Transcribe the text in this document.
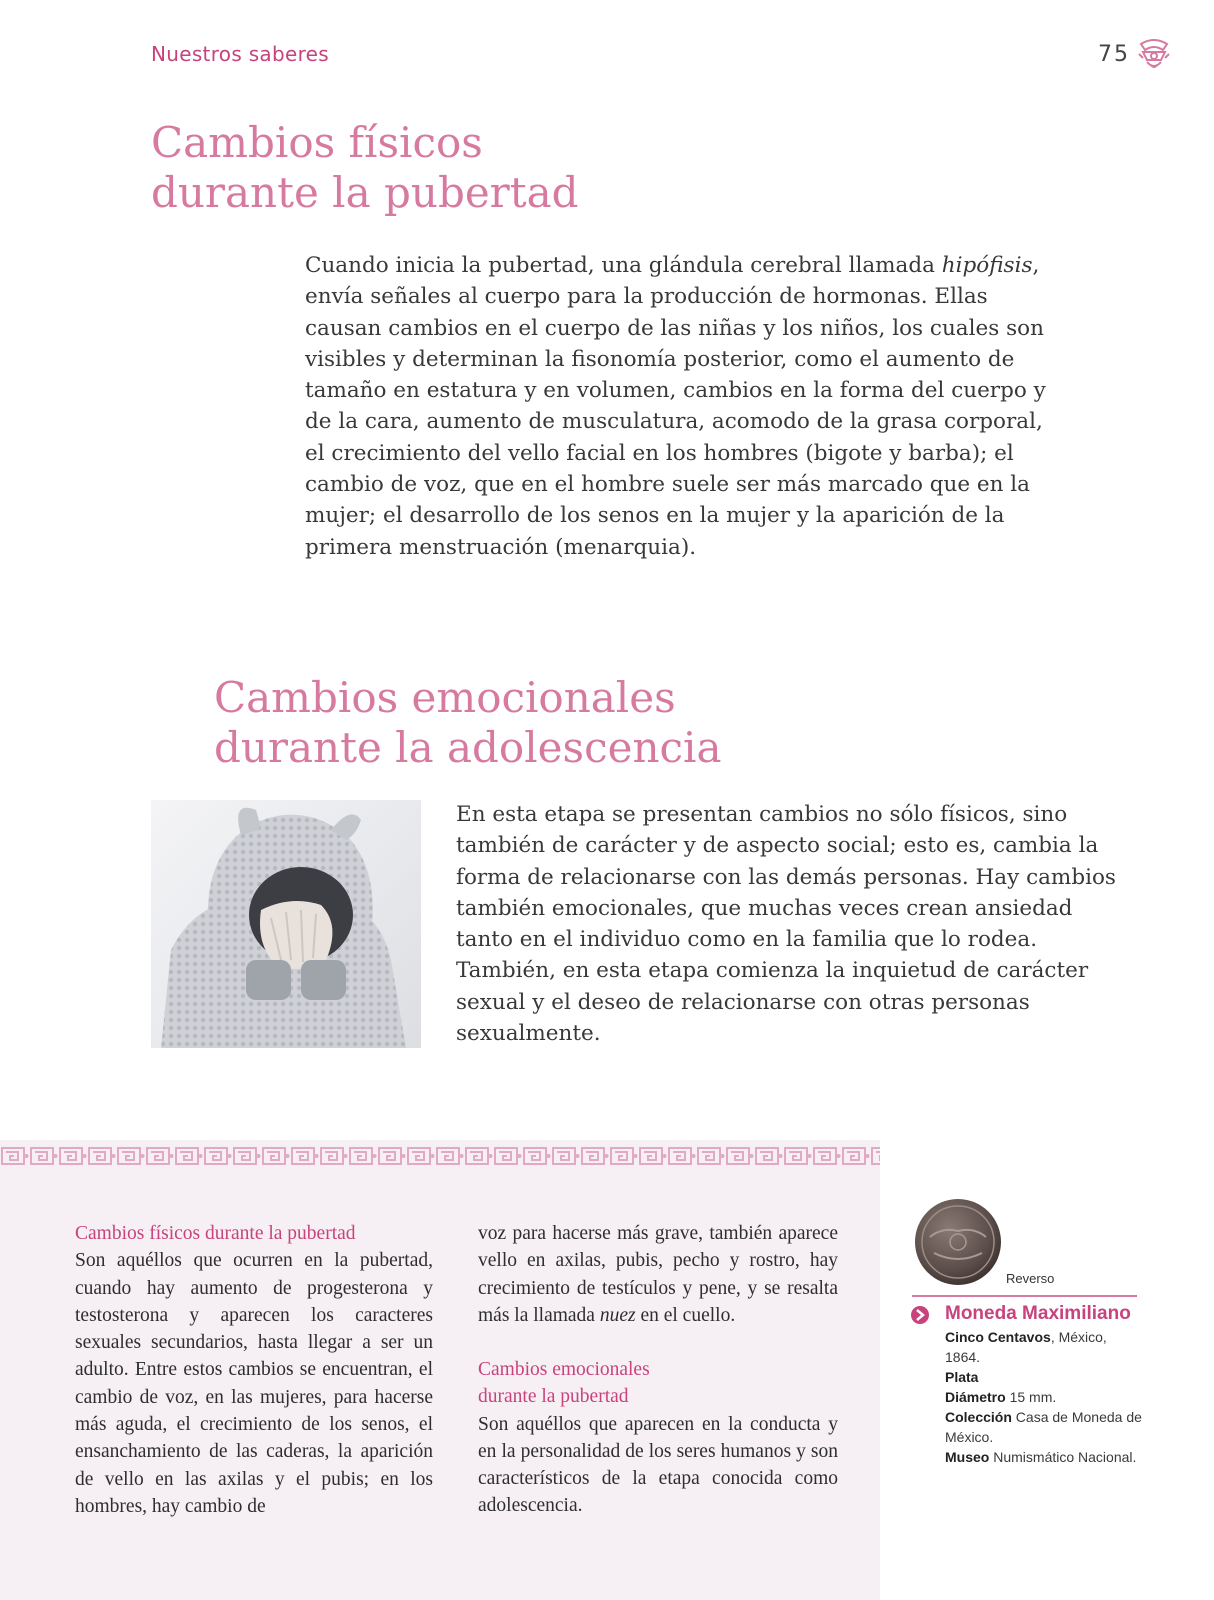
Nuestros saberes	75
Cambios físicos
durante la pubertad

Cuando inicia la pubertad, una glándula cerebral llamada hipófisis, envía señales al cuerpo para la producción de hormonas. Ellas causan cambios en el cuerpo de las niñas y los niños, los cuales son visibles y determinan la fisonomía posterior, como el aumento de tamaño en estatura y en volumen, cambios en la forma del cuerpo y de la cara, aumento de musculatura, acomodo de la grasa corporal, el crecimiento del vello facial en los hombres (bigote y barba); el cambio de voz, que en el hombre suele ser más marcado que en la mujer; el desarrollo de los senos en la mujer y la aparición de la primera menstruación (menarquia).

Cambios emocionales
durante la adolescencia

En esta etapa se presentan cambios no sólo físicos, sino también de carácter y de aspecto social; esto es, cambia la forma de relacionarse con las demás personas. Hay cambios también emocionales, que muchas veces crean ansiedad tanto en el individuo como en la familia que lo rodea. También, en esta etapa comienza la inquietud de carácter sexual y el deseo de relacionarse con otras personas sexualmente.

Cambios físicos durante la pubertad
Son aquéllos que ocurren en la pubertad, cuando hay aumento de progesterona y testosterona y aparecen los caracteres sexuales secundarios, hasta llegar a ser un adulto. Entre estos cambios se encuentran, el cambio de voz, en las mujeres, para hacerse más aguda, el crecimiento de los senos, el ensanchamiento de las caderas, la aparición de vello en las axilas y el pubis; en los hombres, hay cambio de
voz para hacerse más grave, también aparece vello en axilas, pubis, pecho y rostro, hay crecimiento de testículos y pene, y se resalta más la llamada nuez en el cuello.
Cambios emocionales
durante la pubertad
Son aquéllos que aparecen en la conducta y en la personalidad de los seres humanos y son característicos de la etapa conocida como adolescencia.
Reverso
Moneda Maximiliano
Cinco Centavos, México, 1864.
Plata
Diámetro 15 mm.
Colección Casa de Moneda de México.
Museo Numismático Nacional.
